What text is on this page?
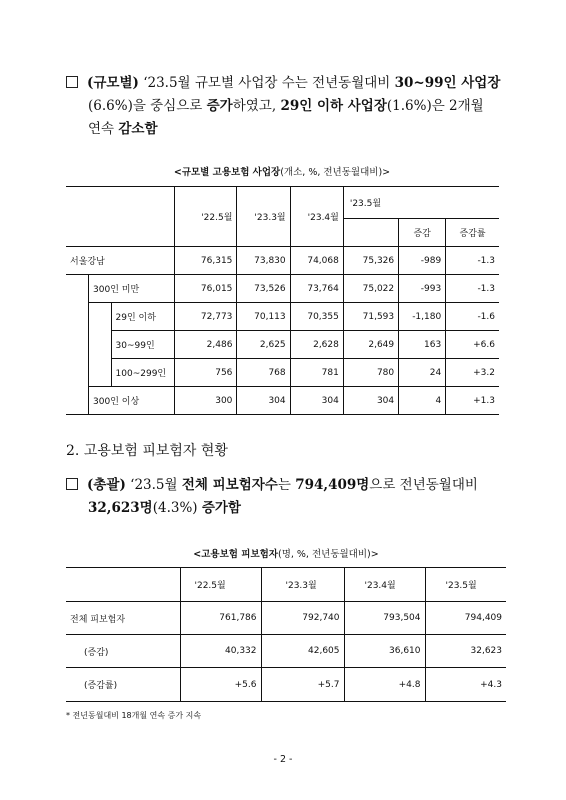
(규모별) ‘23.5월 규모별 사업장 수는 전년동월대비 30~99인 사업장
(6.6%)을 중심으로 증가하였고, 29인 이하 사업장(1.6%)은 2개월
연속 감소함
<규모별 고용보험 사업장(개소, %, 전년동월대비)>
			'22.5월	'23.3월	'23.4월	'23.5월		
							증감	증감률
서울강남			76,315	73,830	74,068	75,326	-989	-1.3
	300인 미만		76,015	73,526	73,764	75,022	-993	-1.3
		29인 이하	72,773	70,113	70,355	71,593	-1,180	-1.6
		30~99인	2,486	2,625	2,628	2,649	163	+6.6
		100~299인	756	768	781	780	24	+3.2
	300인 이상		300	304	304	304	4	+1.3
2. 고용보험 피보험자 현황
(총괄) ‘23.5월 전체 피보험자수는 794,409명으로 전년동월대비
32,623명(4.3%) 증가함
<고용보험 피보험자(명, %, 전년동월대비)>
	'22.5월	'23.3월	'23.4월	'23.5월
전체 피보험자	761,786	792,740	793,504	794,409
(증감)	40,332	42,605	36,610	32,623
(증감률)	+5.6	+5.7	+4.8	+4.3
* 전년동월대비 18개월 연속 증가 지속
- 2 -
